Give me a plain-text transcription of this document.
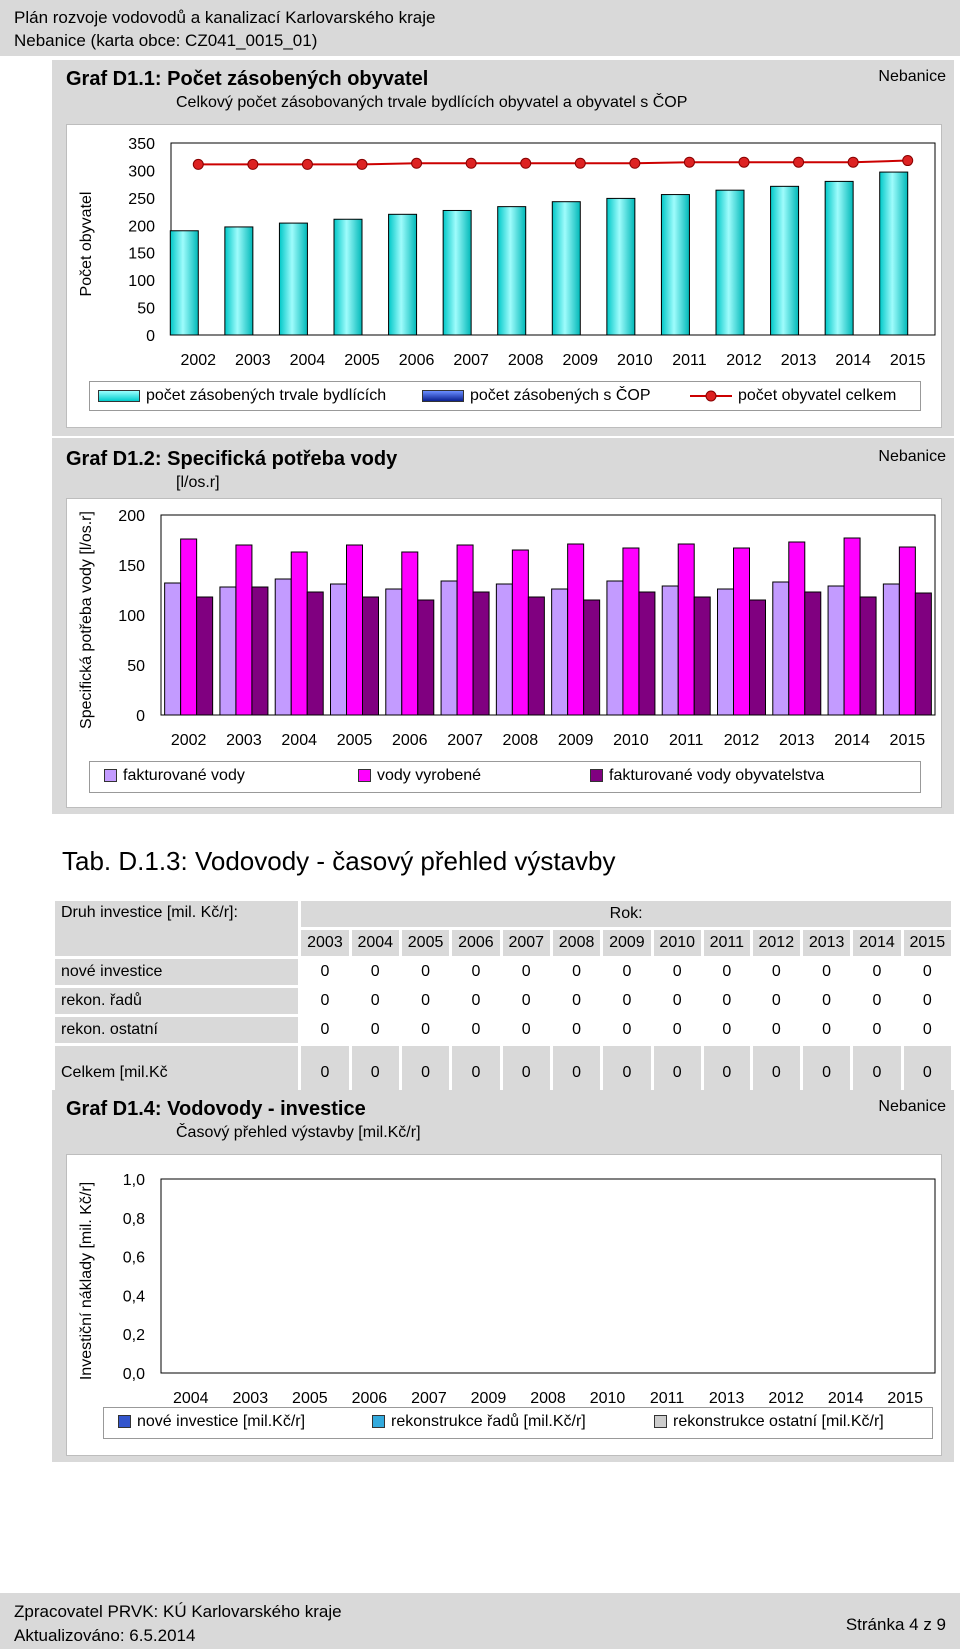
Plán rozvoje vodovodů a kanalizací Karlovarského kraje
Nebanice (karta obce: CZ041_0015_01)
Graf D1.1: Počet zásobených obyvatel
Celkový počet zásobovaných trvale bydlících obyvatel a obyvatel s ČOP
Nebanice
Počet obyvatel
0
50
100
150
200
250
300
350
2002 2003 2004 2005 2006 2007 2008 2009 2010 2011 2012 2013 2014 2015
počet zásobených trvale bydlících	počet zásobených s ČOP	počet obyvatel celkem
Graf D1.2: Specifická potřeba vody
[l/os.r]
Nebanice
Specifická potřeba vody [l/os.r]	0
50
100
150
200
2002 2003 2004 2005 2006 2007 2008 2009 2010 2011 2012 2013 2014 2015
fakturované vody	vody vyrobené	fakturované vody obyvatelstva
Tab. D.1.3: Vodovody - časový přehled výstavby
Druh investice [mil. Kč/r]:	Rok:												
	2003	2004	2005	2006	2007	2008	2009	2010	2011	2012	2013	2014	2015
nové investice	0	0	0	0	0	0	0	0	0	0	0	0	0
rekon. řadů	0	0	0	0	0	0	0	0	0	0	0	0	0
rekon. ostatní	0	0	0	0	0	0	0	0	0	0	0	0	0
Celkem [mil.Kč	0	0	0	0	0	0	0	0	0	0	0	0	0
Graf D1.4: Vodovody - investice
Časový přehled výstavby [mil.Kč/r]
Nebanice
Investiční náklady [mil. Kč/r] 0,0
0,2
0,4
0,6
0,8
1,0
2004 2003 2005 2006 2007 2009 2008 2010 2011 2013 2012 2014 2015
nové investice [mil.Kč/r]	rekonstrukce řadů [mil.Kč/r]	rekonstrukce ostatní [mil.Kč/r]
Zpracovatel PRVK: KÚ Karlovarského kraje
Aktualizováno: 6.5.2014
Stránka 4 z 9
